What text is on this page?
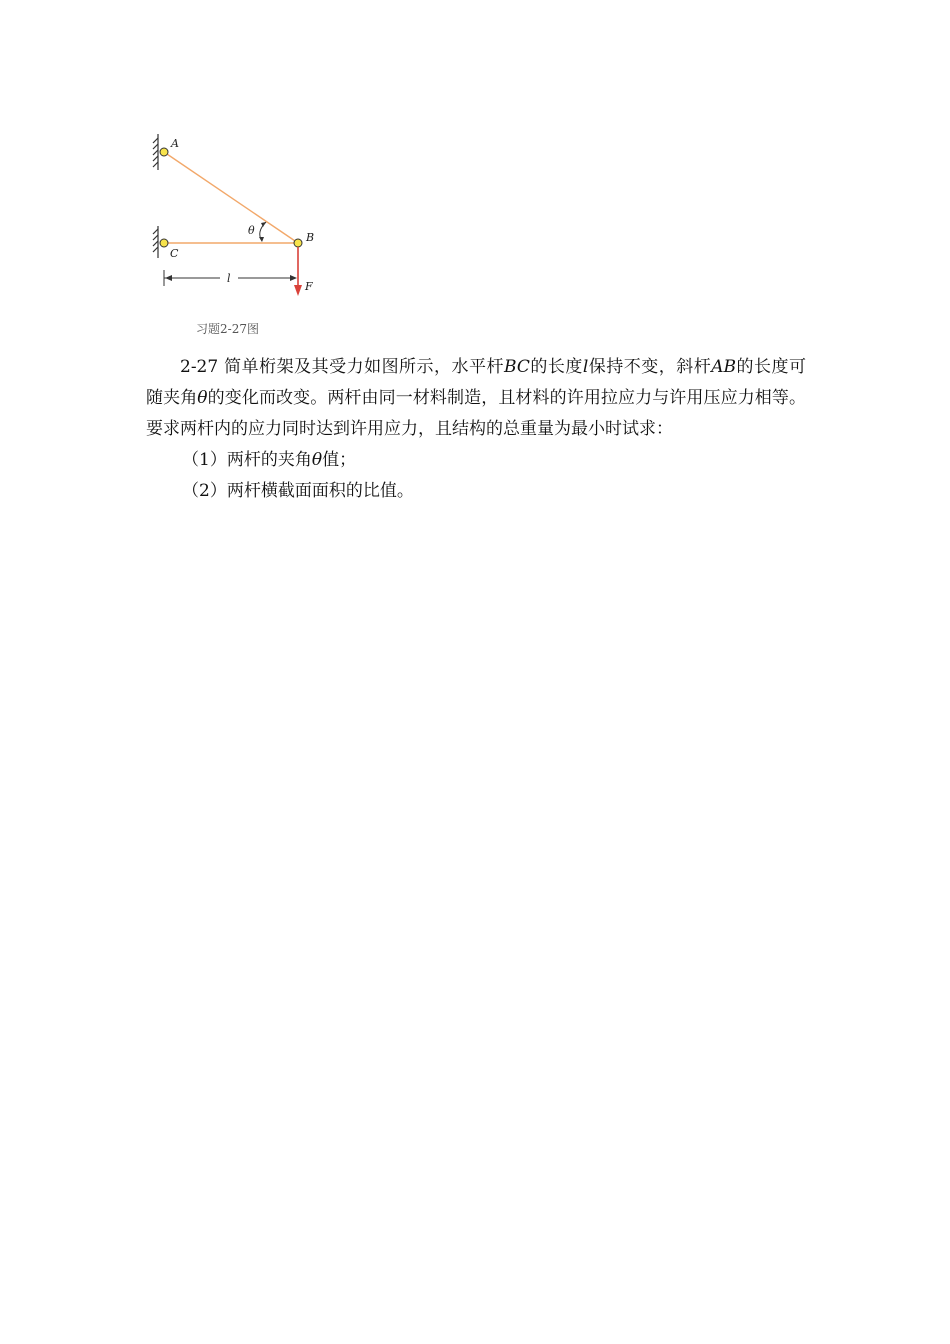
A
B
C
θ
l
F
习题2-27图

2-27 简单桁架及其受力如图所示，水平杆BC的长度l保持不变，斜杆AB的长度可随夹角θ的变化而改变。两杆由同一材料制造，且材料的许用拉应力与许用压应力相等。要求两杆内的应力同时达到许用应力，且结构的总重量为最小时试求：

（1）两杆的夹角θ值；

（2）两杆横截面面积的比值。
